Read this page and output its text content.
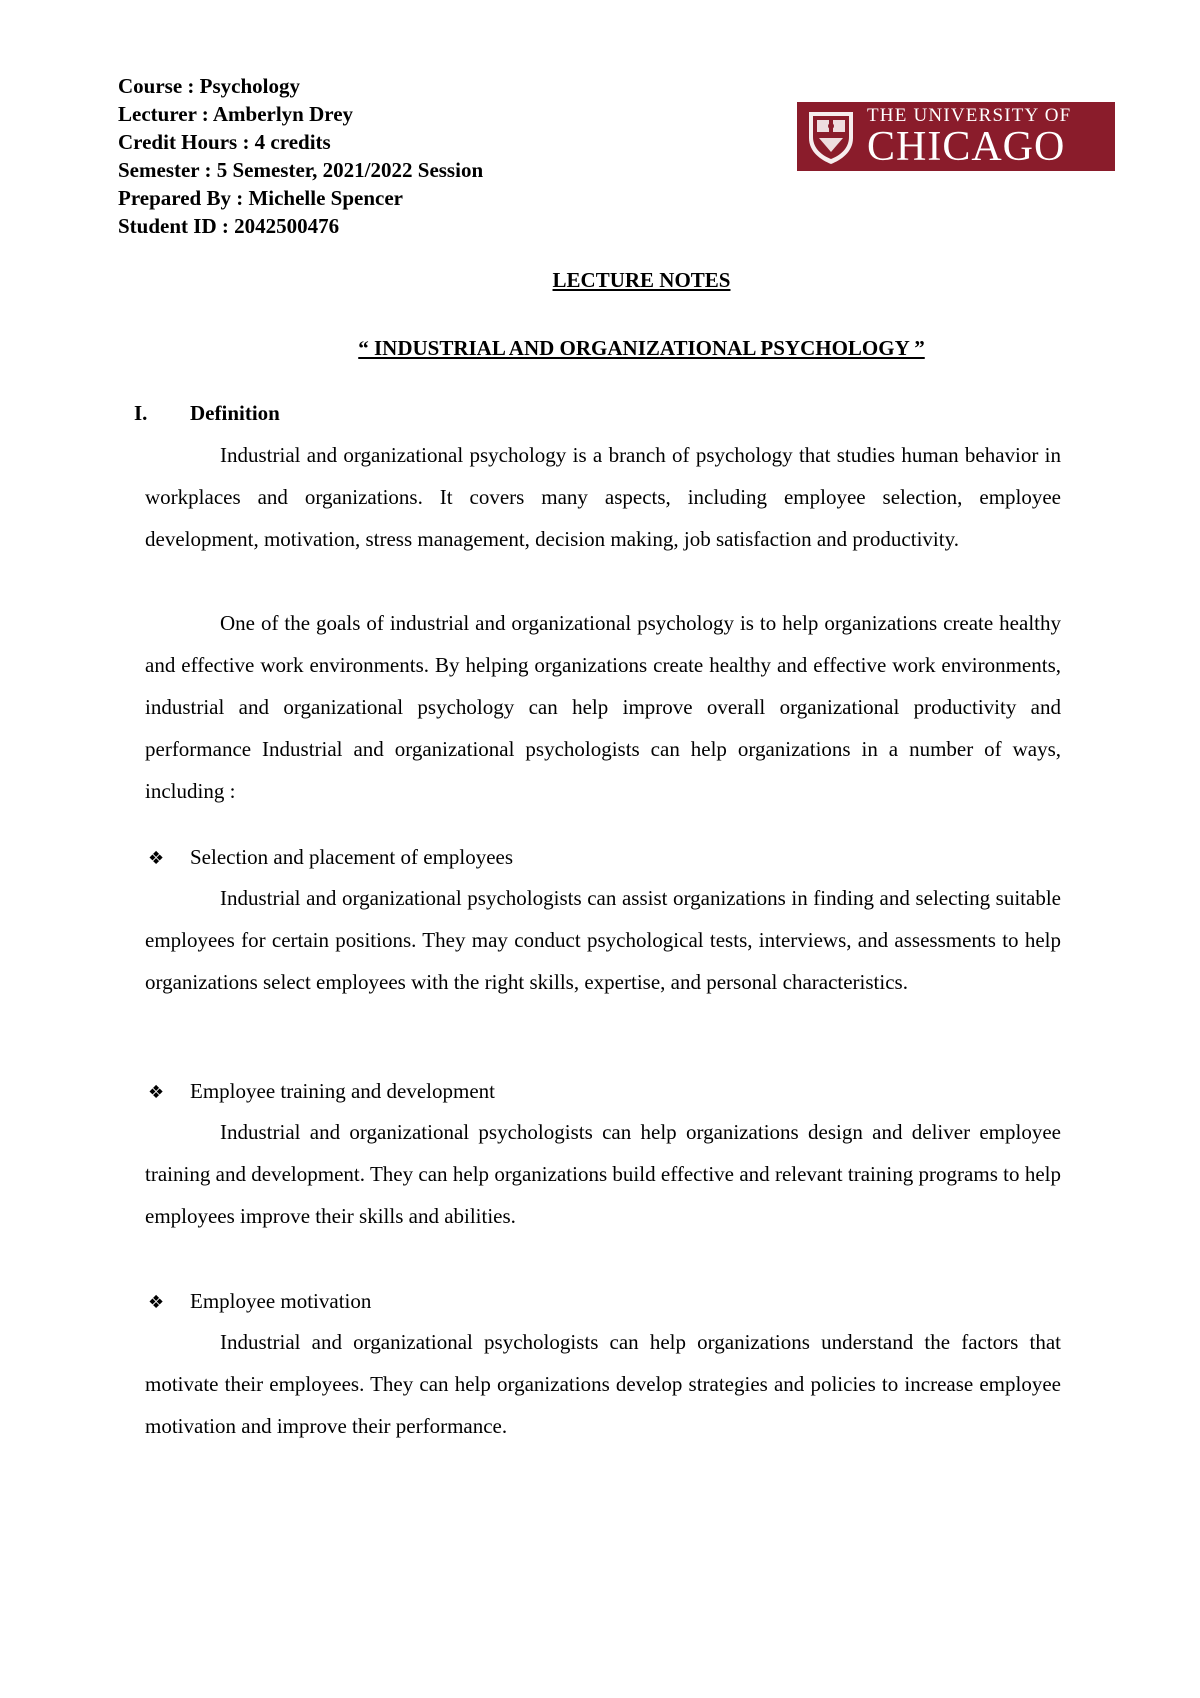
Course : Psychology
Lecturer : Amberlyn Drey
Credit Hours : 4 credits
Semester : 5 Semester, 2021/2022 Session
Prepared By : Michelle Spencer
Student ID : 2042500476
THE UNIVERSITY OF
CHICAGO
LECTURE NOTES
“ INDUSTRIAL AND ORGANIZATIONAL PSYCHOLOGY ”
I. Definition
Industrial and organizational psychology is a branch of psychology that studies human behavior in workplaces and organizations. It covers many aspects, including employee selection, employee development, motivation, stress management, decision making, job satisfaction and productivity.
One of the goals of industrial and organizational psychology is to help organizations create healthy and effective work environments. By helping organizations create healthy and effective work environments, industrial and organizational psychology can help improve overall organizational productivity and performance Industrial and organizational psychologists can help organizations in a number of ways, including :
❖ Selection and placement of employees
Industrial and organizational psychologists can assist organizations in finding and selecting suitable employees for certain positions. They may conduct psychological tests, interviews, and assessments to help organizations select employees with the right skills, expertise, and personal characteristics.
❖ Employee training and development
Industrial and organizational psychologists can help organizations design and deliver employee training and development. They can help organizations build effective and relevant training programs to help employees improve their skills and abilities.
❖ Employee motivation
Industrial and organizational psychologists can help organizations understand the factors that motivate their employees. They can help organizations develop strategies and policies to increase employee motivation and improve their performance.
